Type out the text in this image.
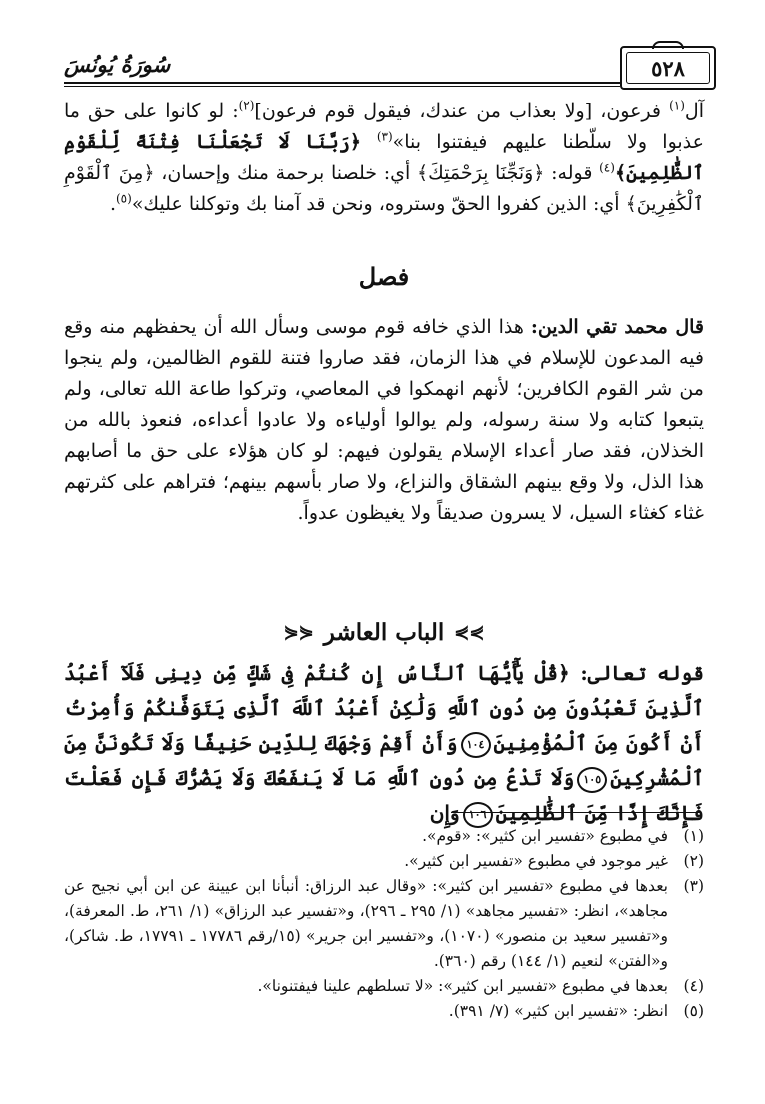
٥٢٨
سُورَةُ يُونُسَ

آل$^{(١)}$ فرعون، [ولا بعذاب من عندك، فيقول قوم فرعون]$^{(٢)}$: لو كانوا على حق ما عذبوا ولا سلّطنا عليهم فيفتنوا بنا»$^{(٣)}$ ﴿رَبَّنَا لَا تَجْعَلْنَا فِتْنَةً لِّلْقَوْمِ ٱلظَّٰلِمِينَ﴾$^{(٤)}$ قوله: ﴿وَنَجِّنَا بِرَحْمَتِكَ﴾ أي: خلصنا برحمة منك وإحسان، ﴿مِنَ ٱلْقَوْمِ ٱلْكَٰفِرِينَ﴾ أي: الذين كفروا الحقّ وستروه، ونحن قد آمنا بك وتوكلنا عليك»$^{(٥)}$.

فصل

قال محمد تقي الدين: هذا الذي خافه قوم موسى وسأل الله أن يحفظهم منه وقع فيه المدعون للإسلام في هذا الزمان، فقد صاروا فتنة للقوم الظالمين، ولم ينجوا من شر القوم الكافرين؛ لأنهم انهمكوا في المعاصي، وتركوا طاعة الله تعالى، ولم يتبعوا كتابه ولا سنة رسوله، ولم يوالوا أولياءه ولا عادوا أعداءه، فنعوذ بالله من الخذلان، فقد صار أعداء الإسلام يقولون فيهم: لو كان هؤلاء على حق ما أصابهم هذا الذل، ولا وقع بينهم الشقاق والنزاع، ولا صار بأسهم بينهم؛ فتراهم على كثرتهم غثاء كغثاء السيل، لا يسرون صديقاً ولا يغيظون عدواً.

⋟⋟
الباب العاشر
⋞⋞

قوله تعالى: ﴿قُلْ يَٰٓأَيُّهَا ٱلنَّاسُ إِن كُنتُمْ فِى شَكٍّ مِّن دِينِى فَلَآ أَعْبُدُ ٱلَّذِينَ تَعْبُدُونَ مِن دُونِ ٱللَّهِ وَلَٰكِنْ أَعْبُدُ ٱللَّهَ ٱلَّذِى يَتَوَفَّىٰكُمْ وَأُمِرْتُ أَنْ أَكُونَ مِنَ ٱلْمُؤْمِنِينَ١٠٤وَأَنْ أَقِمْ وَجْهَكَ لِلدِّينِ حَنِيفًا وَلَا تَكُونَنَّ مِنَ ٱلْمُشْرِكِينَ١٠٥وَلَا تَدْعُ مِن دُونِ ٱللَّهِ مَا لَا يَنفَعُكَ وَلَا يَضُرُّكَ فَإِن فَعَلْتَ فَإِنَّكَ إِذًا مِّنَ ٱلظَّٰلِمِينَ١٠٦وَإِن

(١)
في مطبوع «تفسير ابن كثير»: «قوم».
(٢)
غير موجود في مطبوع «تفسير ابن كثير».
(٣)
بعدها في مطبوع «تفسير ابن كثير»: «وقال عبد الرزاق: أنبأنا ابن عيينة عن ابن أبي نجيح عن مجاهد»، انظر: «تفسير مجاهد» (١/ ٢٩٥ ـ ٢٩٦)، و«تفسير عبد الرزاق» (١/ ٢٦١، ط. المعرفة)، و«تفسير سعيد بن منصور» (١٠٧٠)، و«تفسير ابن جرير» (١٥/رقم ١٧٧٨٦ ـ ١٧٧٩١، ط. شاكر)، و«الفتن» لنعيم (١/ ١٤٤) رقم (٣٦٠).
(٤)
بعدها في مطبوع «تفسير ابن كثير»: «لا تسلطهم علينا فيفتنونا».
(٥)
انظر: «تفسير ابن كثير» (٧/ ٣٩١).
